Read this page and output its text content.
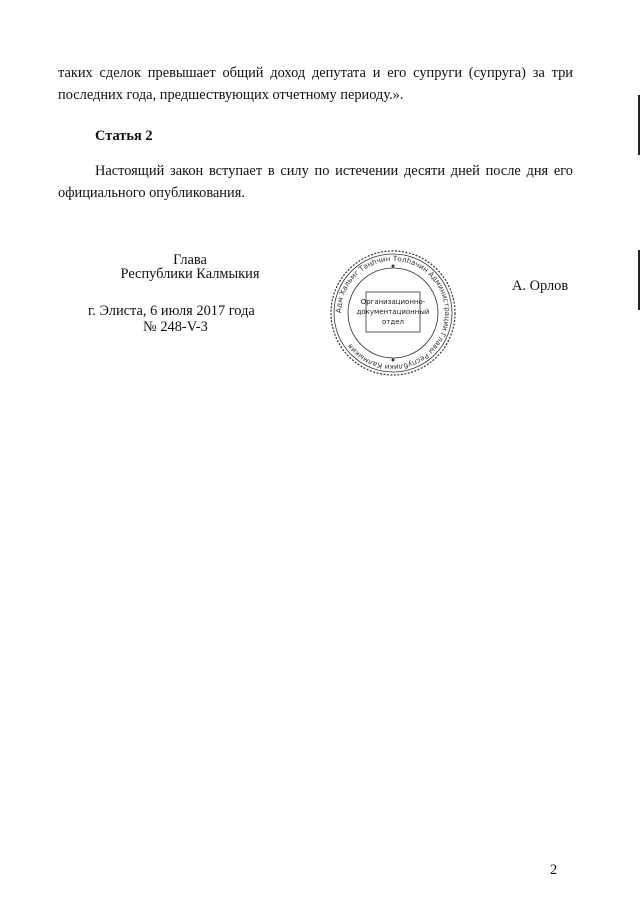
таких сделок превышает общий доход депутата и его супруги (супруга) за три
последних года, предшествующих отчетному периоду.».
Статья 2
Настоящий закон вступает в силу по истечении десяти дней после дня его
официального опубликования.
Глава
Республики Калмыкия
г. Элиста, 6 июля 2017 года
№ 248-V-3
А. Орлов
Адм Хальмг Таңһчин Толһачин Администрации Главы Республики Калмыкия
Организационно-
документационный
отдел
2
